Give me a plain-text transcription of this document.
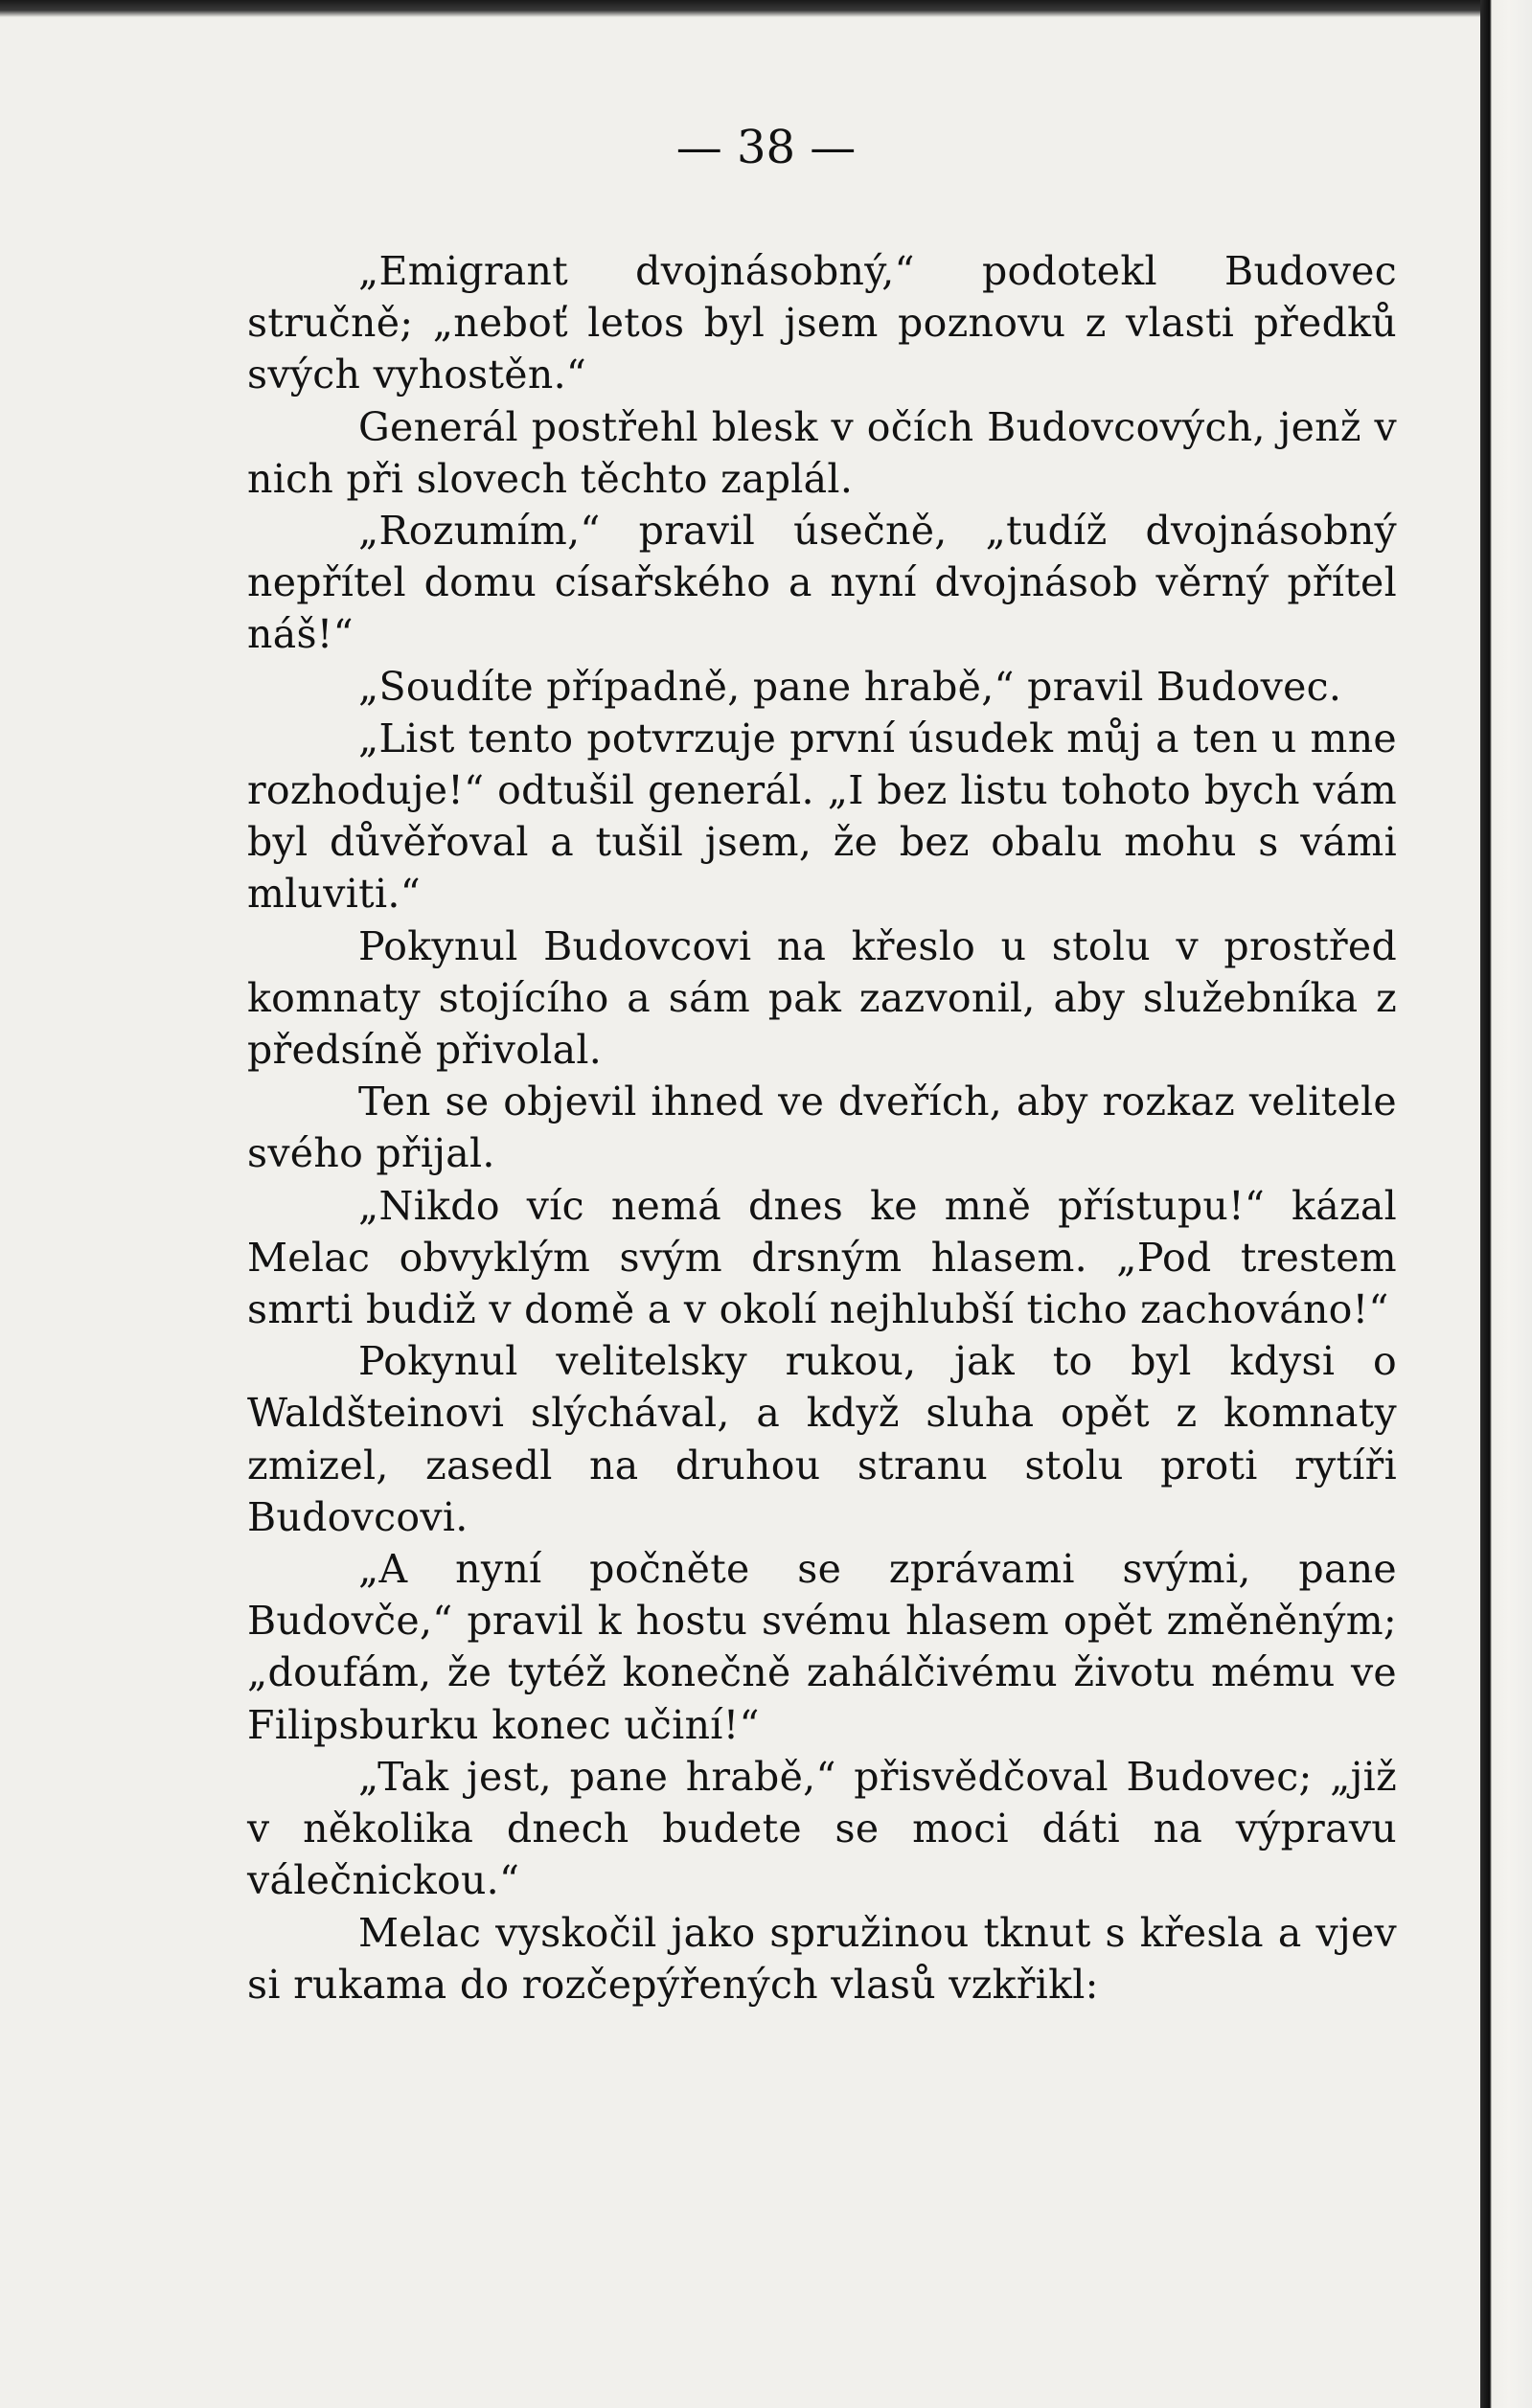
— 38 —

„Emigrant dvojnásobný,“ podotekl Budovec stručně; „neboť letos byl jsem poznovu z vlasti předků svých vyhostěn.“

Generál postřehl blesk v očích Budovcových, jenž v nich při slovech těchto zaplál.

„Rozumím,“ pravil úsečně, „tudíž dvojnásobný nepřítel domu císařského a nyní dvojnásob věrný přítel náš!“

„Soudíte případně, pane hrabě,“ pravil Budovec.

„List tento potvrzuje první úsudek můj a ten u mne rozhoduje!“ odtušil generál. „I bez listu tohoto bych vám byl důvěřoval a tušil jsem, že bez obalu mohu s vámi mluviti.“

Pokynul Budovcovi na křeslo u stolu v prostřed komnaty stojícího a sám pak zazvonil, aby služebníka z předsíně přivolal.

Ten se objevil ihned ve dveřích, aby rozkaz velitele svého přijal.

„Nikdo víc nemá dnes ke mně přístupu!“ kázal Melac obvyklým svým drsným hlasem. „Pod trestem smrti budiž v domě a v okolí nejhlubší ticho zachováno!“

Pokynul velitelsky rukou, jak to byl kdysi o Waldšteinovi slýchával, a když sluha opět z komnaty zmizel, zasedl na druhou stranu stolu proti rytíři Budovcovi.

„A nyní počněte se zprávami svými, pane Budovče,“ pravil k hostu svému hlasem opět změněným; „doufám, že tytéž konečně zahálčivému životu mému ve Filipsburku konec učiní!“

„Tak jest, pane hrabě,“ přisvědčoval Budovec; „již v několika dnech budete se moci dáti na výpravu válečnickou.“

Melac vyskočil jako spružinou tknut s křesla a vjev si rukama do rozčepýřených vlasů vzkřikl:
